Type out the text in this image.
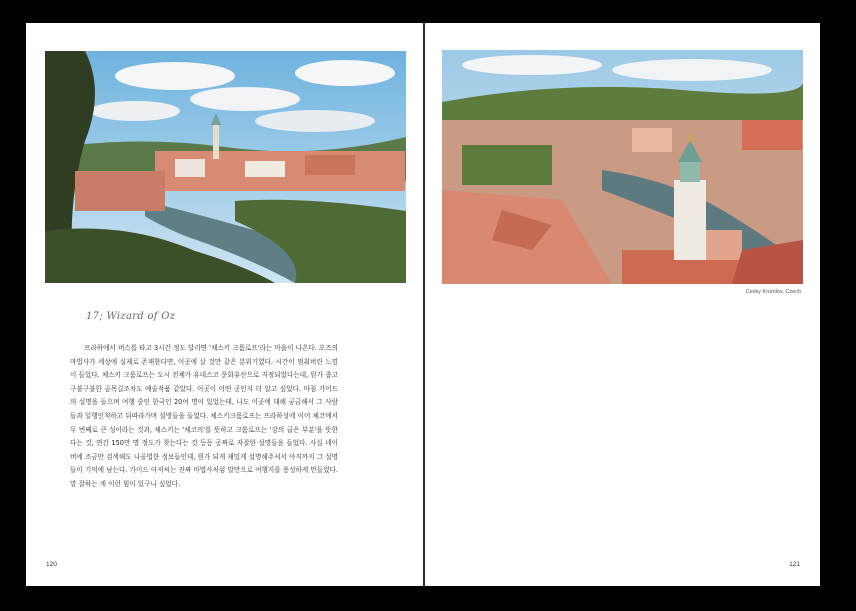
17; Wizard of Oz

프라하에서 버스를 타고 3시간 정도 달리면 '체스키 크룸로프'라는 마을이 나온다. 오즈의 마법사가 세상에 실제로 존재한다면, 이곳에 살 것만 같은 분위기였다. 시간이 멈춰버린 느낌이 들었다. 체스키 크룸로프는 도시 전체가 유네스코 문화유산으로 지정되었다는데, 뭔가 좁고 구불구불한 골목길조차도 예술작품 같았다. 이곳이 어떤 곳인지 더 알고 싶었다. 마침 가이드의 설명을 들으며 여행 중인 한국인 20여 명이 있었는데, 나도 이곳에 대해 궁금해서 그 사람들과 일행인척하고 뒤따라가며 설명들을 들었다. 체스키크룸로프는 프라하성에 이어 체코에서 두 번째로 큰 성이라는 것과, 체스키는 '체코의'를 뜻하고 크룸로프는 '강의 굽은 부분'을 뜻한다는 것, 연간 150만 명 정도가 찾는다는 것 등등 공짜로 자잘한 설명들을 들었다. 사실 네이버에 조금만 검색해도 나올법한 정보들인데, 뭔가 되게 재밌게 설명해주셔서 아직까지 그 설명들이 기억에 남는다. 가이드 아저씨는 진짜 마법사처럼 말만으로 여행지를 풍성하게 만들었다. 말 잘하는 게 이런 힘이 있구나 싶었다.

120
Cesky Krumlov, Czech
121
